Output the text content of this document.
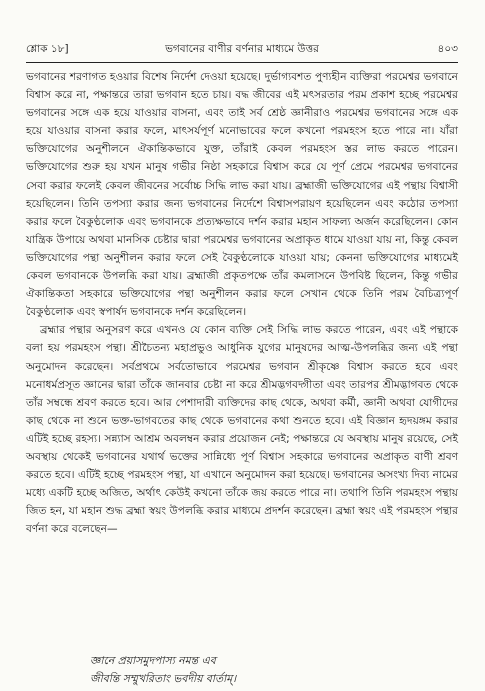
শ্লোক ১৮]	ভগবানের বাণীর বর্ণনার মাধ্যমে উত্তর	৪০৩

ভগবানের শরণাগত হওয়ার বিশেষ নির্দেশ দেওয়া হয়েছে। দুর্ভাগ্যবশত পুণ্যহীন ব্যক্তিরা পরমেশ্বর ভগবানে বিশ্বাস করে না, পক্ষান্তরে তারা ভগবান হতে চায়। বদ্ধ জীবের এই মৎসরতার পরম প্রকাশ হচ্ছে পরমেশ্বর ভগবানের সঙ্গে এক হয়ে যাওয়ার বাসনা, এবং তাই সর্ব শ্রেষ্ঠ জ্ঞানীরাও পরমেশ্বর ভগবানের সঙ্গে এক হয়ে যাওয়ার বাসনা করার ফলে, মাৎসর্যপূর্ণ মনোভাবের ফলে কখনো পরমহংস হতে পারে না। যাঁরা ভক্তিযোগের অনুশীলনে ঐকান্তিকভাবে যুক্ত, তাঁরাই কেবল পরমহংস স্তর লাভ করতে পারেন। ভক্তিযোগের শুরু হয় যখন মানুষ গভীর নিষ্ঠা সহকারে বিশ্বাস করে যে পূর্ণ প্রেমে পরমেশ্বর ভগবানের সেবা করার ফলেই কেবল জীবনের সর্বোচ্চ সিদ্ধি লাভ করা যায়। ব্রহ্মাজী ভক্তিযোগের এই পন্থায় বিশ্বাসী হয়েছিলেন। তিনি তপস্যা করার জন্য ভগবানের নির্দেশে বিশ্বাসপরায়ণ হয়েছিলেন এবং কঠোর তপস্যা করার ফলে বৈকুণ্ঠলোক এবং ভগবানকে প্রত্যক্ষভাবে দর্শন করার মহান সাফল্য অর্জন করেছিলেন। কোন যান্ত্রিক উপায়ে অথবা মানসিক চেষ্টার দ্বারা পরমেশ্বর ভগবানের অপ্রাকৃত ধামে যাওয়া যায় না, কিন্তু কেবল ভক্তিযোগের পন্থা অনুশীলন করার ফলে সেই বৈকুণ্ঠলোকে যাওয়া যায়; কেননা ভক্তিযোগের মাধ্যমেই কেবল ভগবানকে উপলব্ধি করা যায়। ব্রহ্মাজী প্রকৃতপক্ষে তাঁর কমলাসনে উপবিষ্ট ছিলেন, কিন্তু গভীর ঐকান্তিকতা সহকারে ভক্তিযোগের পন্থা অনুশীলন করার ফলে সেখান থেকে তিনি পরম বৈচিত্র্যপূর্ণ বৈকুণ্ঠলোক এবং স্বপার্ষদ ভগবানকে দর্শন করেছিলেন।

ব্রহ্মার পন্থার অনুসরণ করে এখনও যে কোন ব্যক্তি সেই সিদ্ধি লাভ করতে পারেন, এবং এই পন্থাকে বলা হয় পরমহংস পন্থা। শ্রীচৈতন্য মহাপ্রভুও আধুনিক যুগের মানুষদের আত্ম-উপলব্ধির জন্য এই পন্থা অনুমোদন করেছেন। সর্বপ্রথমে সর্বতোভাবে পরমেশ্বর ভগবান শ্রীকৃষ্ণে বিশ্বাস করতে হবে এবং মনোধর্মপ্রসূত জ্ঞানের দ্বারা তাঁকে জানবার চেষ্টা না করে শ্রীমদ্ভগবদ্গীতা এবং তারপর শ্রীমদ্ভাগবত থেকে তাঁর সম্বন্ধে শ্রবণ করতে হবে। আর পেশাদারী ব্যক্তিদের কাছ থেকে, অথবা কর্মী, জ্ঞানী অথবা যোগীদের কাছ থেকে না শুনে ভক্ত-ভাগবতের কাছ থেকে ভগবানের কথা শুনতে হবে। এই বিজ্ঞান হৃদয়ঙ্গম করার এটিই হচ্ছে রহস্য। সন্ন্যাস আশ্রম অবলম্বন করার প্রয়োজন নেই; পক্ষান্তরে যে অবস্থায় মানুষ রয়েছে, সেই অবস্থায় থেকেই ভগবানের যথার্থ ভক্তের সান্নিধ্যে পূর্ণ বিশ্বাস সহকারে ভগবানের অপ্রাকৃত বাণী শ্রবণ করতে হবে। এটিই হচ্ছে পরমহংস পন্থা, যা এখানে অনুমোদন করা হয়েছে। ভগবানের অসংখ্য দিব্য নামের মধ্যে একটি হচ্ছে অজিত, অর্থাৎ কেউই কখনো তাঁকে জয় করতে পারে না। তথাপি তিনি পরমহংস পন্থায় জিত হন, যা মহান শুদ্ধ ব্রহ্মা স্বয়ং উপলব্ধি করার মাধ্যমে প্রদর্শন করেছেন। ব্রহ্মা স্বয়ং এই পরমহংস পন্থার বর্ণনা করে বলেছেন—

জ্ঞানে প্রয়াসমুদপাস্য নমন্ত এব
জীবন্তি সম্মুখরিতাং ভবদীয় বার্তাম্।
